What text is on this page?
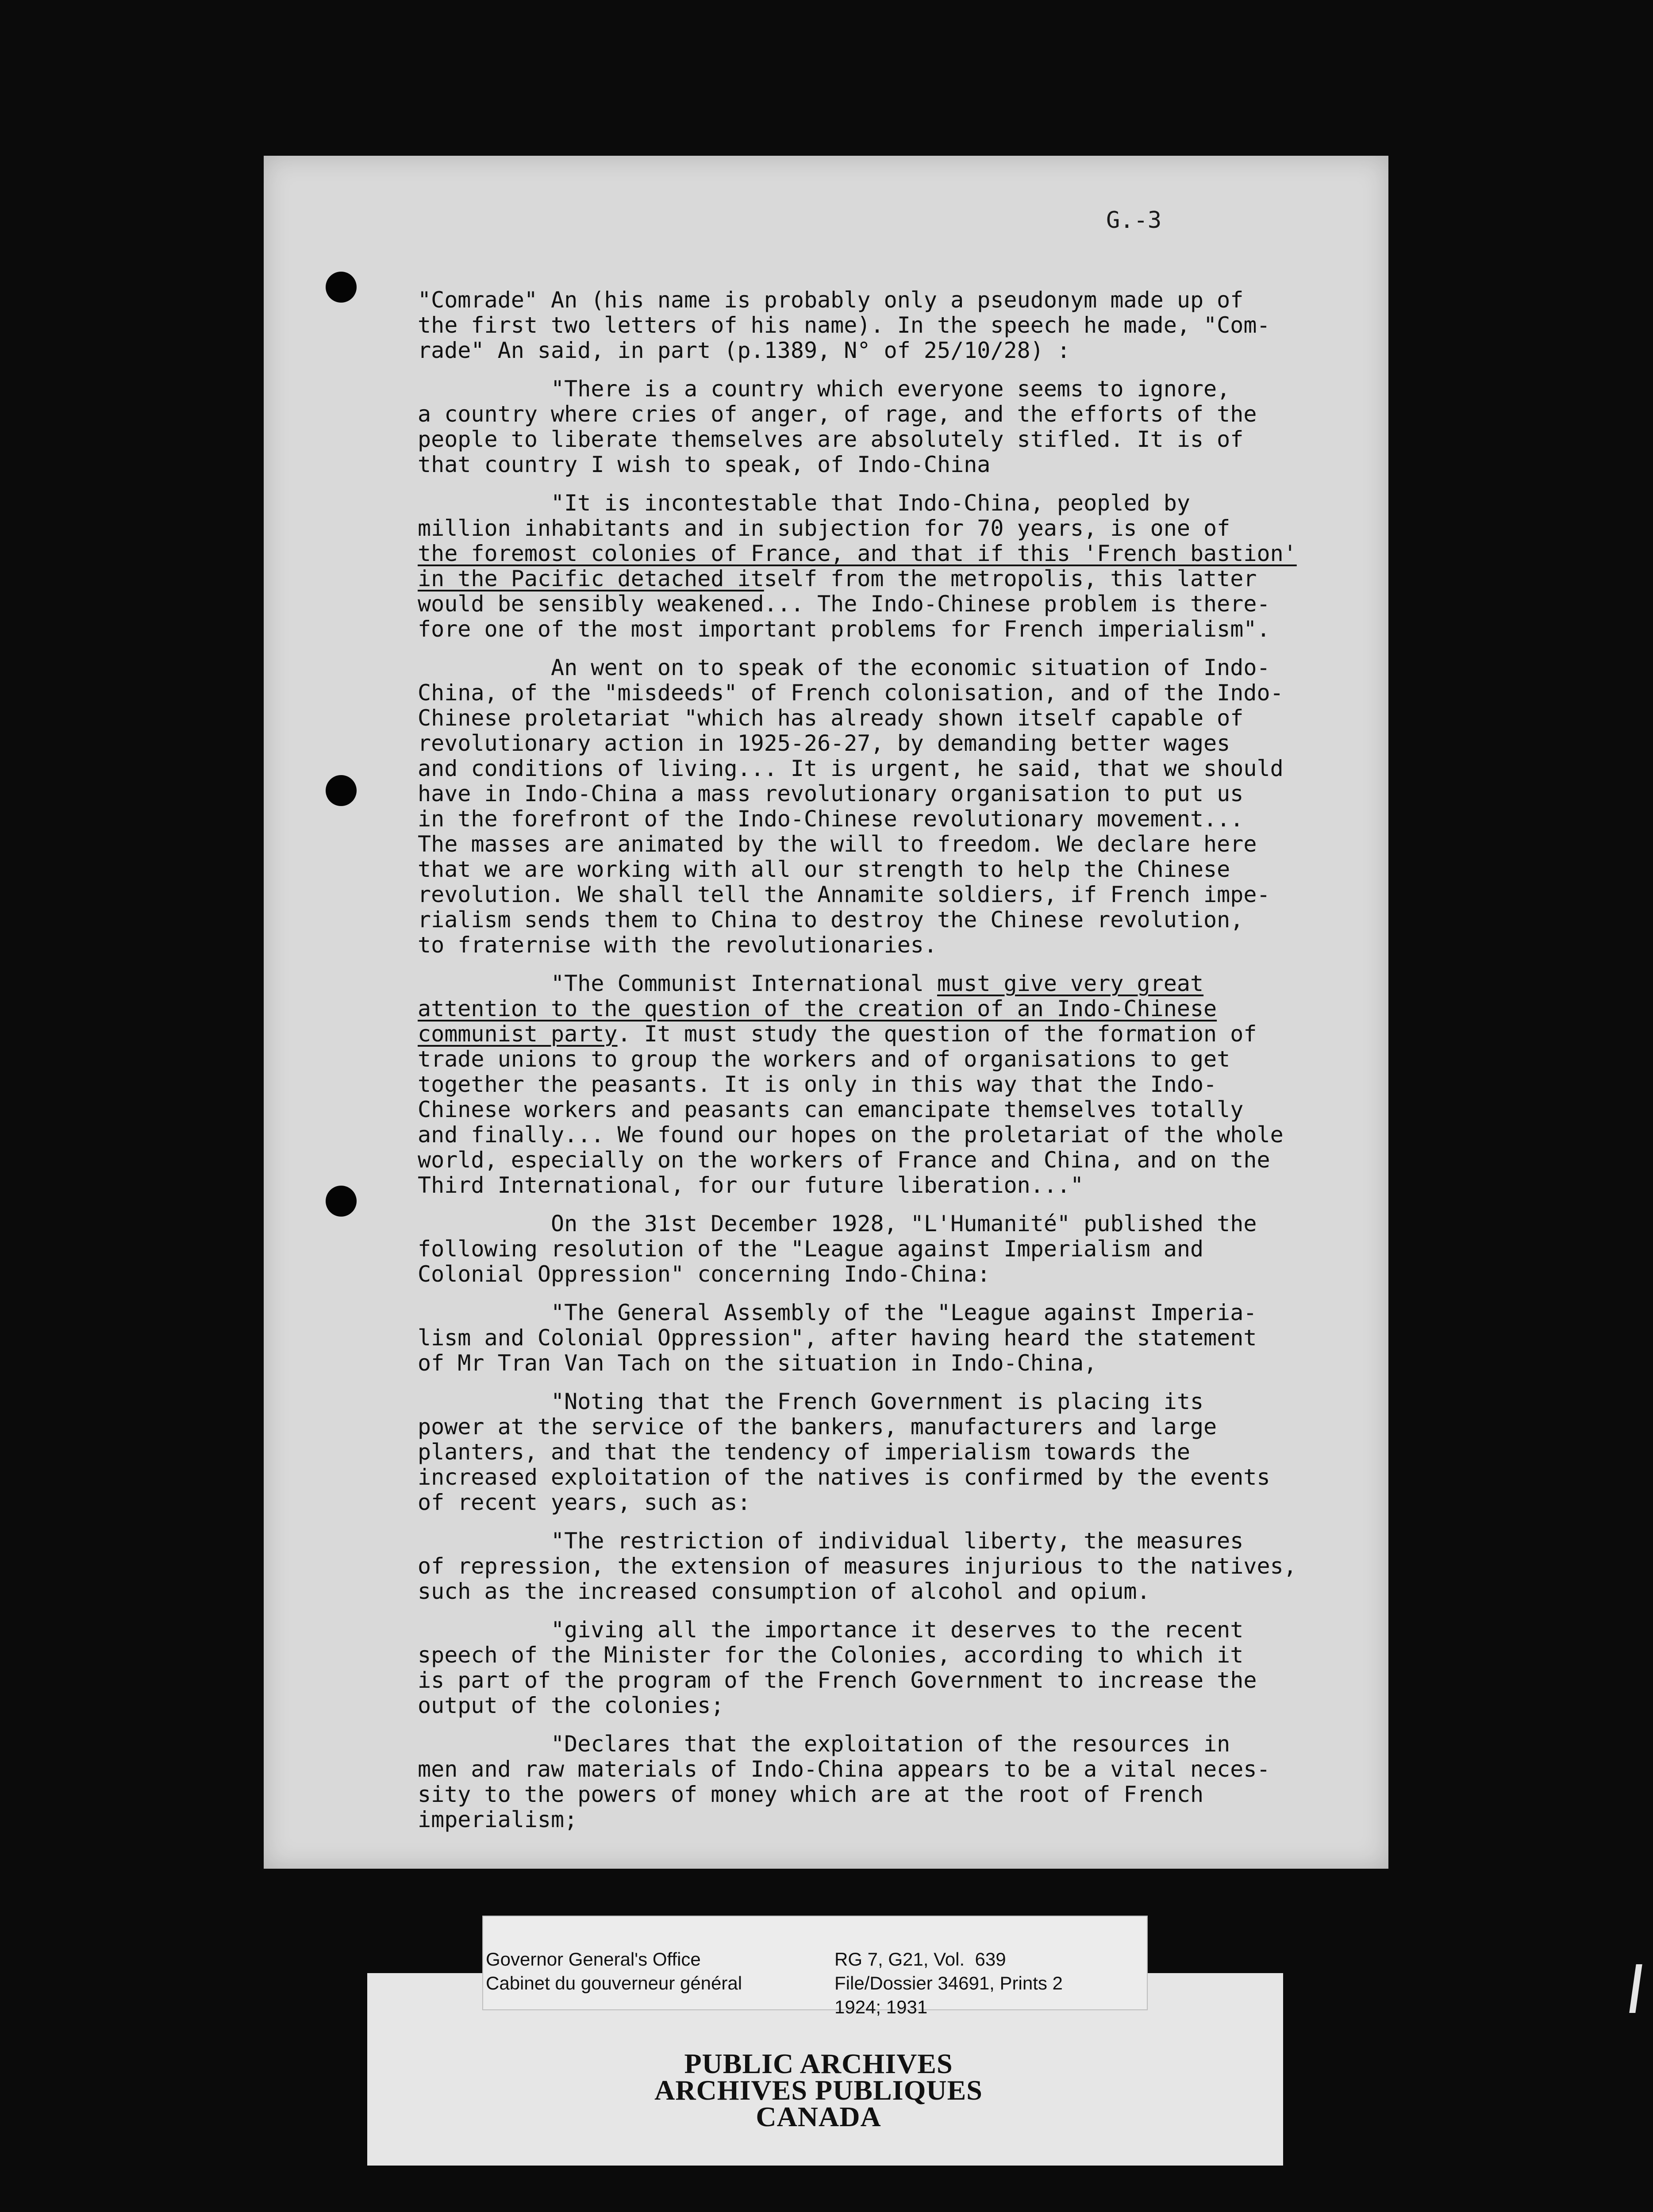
G.-3

"Comrade" An (his name is probably only a pseudonym made up of
the first two letters of his name). In the speech he made, "Com-
rade" An said, in part (p.1389, N° of 25/10/28) :

"There is a country which everyone seems to ignore,
a country where cries of anger, of rage, and the efforts of the
people to liberate themselves are absolutely stifled. It is of
that country I wish to speak, of Indo-China

"It is incontestable that Indo-China, peopled by
million inhabitants and in subjection for 70 years, is one of
the foremost colonies of France, and that if this 'French bastion'
in the Pacific detached itself from the metropolis, this latter
would be sensibly weakened... The Indo-Chinese problem is there-
fore one of the most important problems for French imperialism".

An went on to speak of the economic situation of Indo-
China, of the "misdeeds" of French colonisation, and of the Indo-
Chinese proletariat "which has already shown itself capable of
revolutionary action in 1925-26-27, by demanding better wages
and conditions of living... It is urgent, he said, that we should
have in Indo-China a mass revolutionary organisation to put us
in the forefront of the Indo-Chinese revolutionary movement...
The masses are animated by the will to freedom. We declare here
that we are working with all our strength to help the Chinese
revolution. We shall tell the Annamite soldiers, if French impe-
rialism sends them to China to destroy the Chinese revolution,
to fraternise with the revolutionaries.

"The Communist International must give very great
attention to the question of the creation of an Indo-Chinese
communist party. It must study the question of the formation of
trade unions to group the workers and of organisations to get
together the peasants. It is only in this way that the Indo-
Chinese workers and peasants can emancipate themselves totally
and finally... We found our hopes on the proletariat of the whole
world, especially on the workers of France and China, and on the
Third International, for our future liberation..."

On the 31st December 1928, "L'Humanité" published the
following resolution of the "League against Imperialism and
Colonial Oppression" concerning Indo-China:

"The General Assembly of the "League against Imperia-
lism and Colonial Oppression", after having heard the statement
of Mr Tran Van Tach on the situation in Indo-China,

"Noting that the French Government is placing its
power at the service of the bankers, manufacturers and large
planters, and that the tendency of imperialism towards the
increased exploitation of the natives is confirmed by the events
of recent years, such as:

"The restriction of individual liberty, the measures
of repression, the extension of measures injurious to the natives,
such as the increased consumption of alcohol and opium.

"giving all the importance it deserves to the recent
speech of the Minister for the Colonies, according to which it
is part of the program of the French Government to increase the
output of the colonies;

"Declares that the exploitation of the resources in
men and raw materials of Indo-China appears to be a vital neces-
sity to the powers of money which are at the root of French
imperialism;

Governor General's Office
Cabinet du gouverneur général
RG 7, G21, Vol.  639
File/Dossier 34691, Prints 2
1924; 1931
PUBLIC ARCHIVES
ARCHIVES PUBLIQUES
CANADA
